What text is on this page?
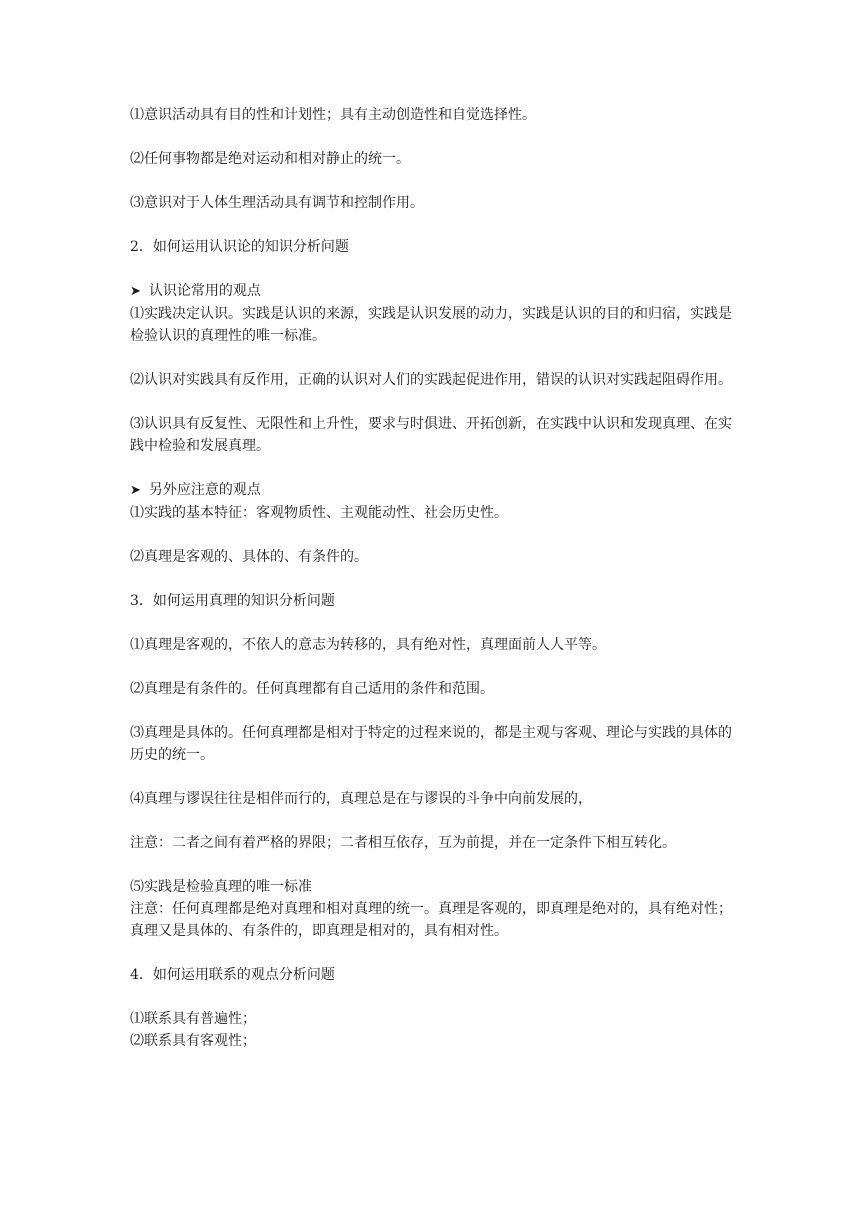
⑴意识活动具有目的性和计划性；具有主动创造性和自觉选择性。

⑵任何事物都是绝对运动和相对静止的统一。

⑶意识对于人体生理活动具有调节和控制作用。

2．如何运用认识论的知识分析问题

➤ 认识论常用的观点

⑴实践决定认识。实践是认识的来源，实践是认识发展的动力，实践是认识的目的和归宿，实践是检验认识的真理性的唯一标准。

⑵认识对实践具有反作用，正确的认识对人们的实践起促进作用，错误的认识对实践起阻碍作用。

⑶认识具有反复性、无限性和上升性，要求与时俱进、开拓创新，在实践中认识和发现真理、在实践中检验和发展真理。

➤ 另外应注意的观点

⑴实践的基本特征：客观物质性、主观能动性、社会历史性。

⑵真理是客观的、具体的、有条件的。

3．如何运用真理的知识分析问题

⑴真理是客观的，不依人的意志为转移的，具有绝对性，真理面前人人平等。

⑵真理是有条件的。任何真理都有自己适用的条件和范围。

⑶真理是具体的。任何真理都是相对于特定的过程来说的，都是主观与客观、理论与实践的具体的历史的统一。

⑷真理与谬误往往是相伴而行的，真理总是在与谬误的斗争中向前发展的，

注意：二者之间有着严格的界限；二者相互依存，互为前提，并在一定条件下相互转化。

⑸实践是检验真理的唯一标准

注意：任何真理都是绝对真理和相对真理的统一。真理是客观的，即真理是绝对的，具有绝对性；真理又是具体的、有条件的，即真理是相对的，具有相对性。

4．如何运用联系的观点分析问题

⑴联系具有普遍性；

⑵联系具有客观性；
